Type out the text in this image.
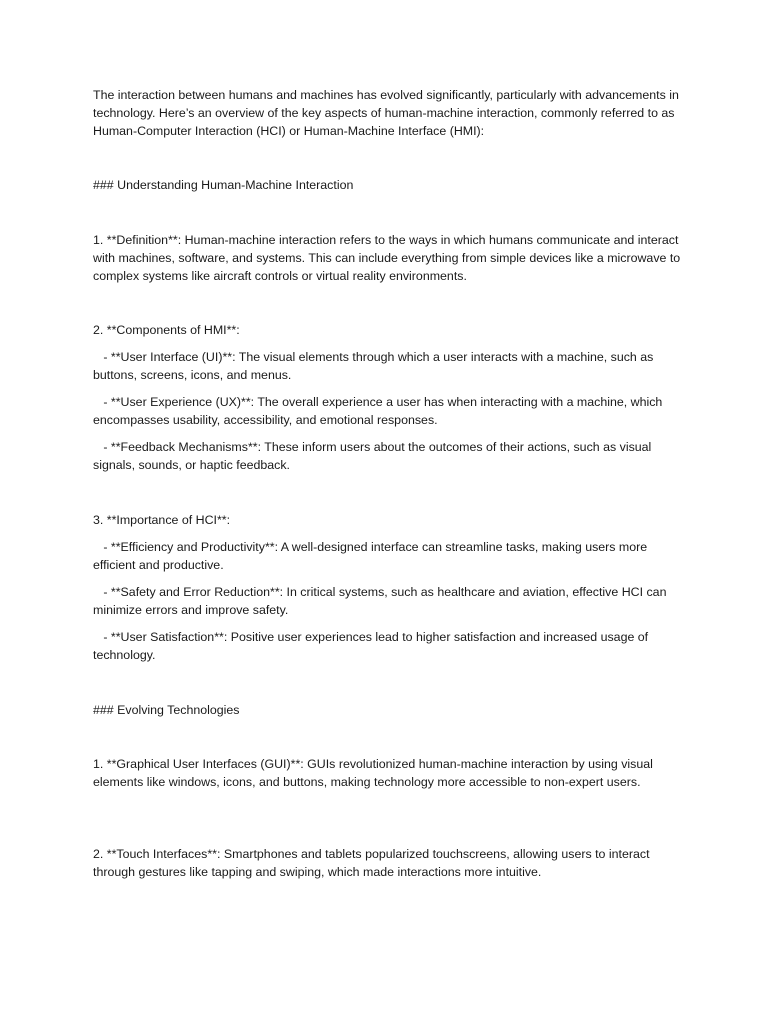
The interaction between humans and machines has evolved significantly, particularly with advancements in technology. Here’s an overview of the key aspects of human-machine interaction, commonly referred to as Human-Computer Interaction (HCI) or Human-Machine Interface (HMI):

### Understanding Human-Machine Interaction

1. **Definition**: Human-machine interaction refers to the ways in which humans communicate and interact with machines, software, and systems. This can include everything from simple devices like a microwave to complex systems like aircraft controls or virtual reality environments.

2. **Components of HMI**:

- **User Interface (UI)**: The visual elements through which a user interacts with a machine, such as buttons, screens, icons, and menus.

- **User Experience (UX)**: The overall experience a user has when interacting with a machine, which encompasses usability, accessibility, and emotional responses.

- **Feedback Mechanisms**: These inform users about the outcomes of their actions, such as visual signals, sounds, or haptic feedback.

3. **Importance of HCI**:

- **Efficiency and Productivity**: A well-designed interface can streamline tasks, making users more efficient and productive.

- **Safety and Error Reduction**: In critical systems, such as healthcare and aviation, effective HCI can minimize errors and improve safety.

- **User Satisfaction**: Positive user experiences lead to higher satisfaction and increased usage of technology.

### Evolving Technologies

1. **Graphical User Interfaces (GUI)**: GUIs revolutionized human-machine interaction by using visual elements like windows, icons, and buttons, making technology more accessible to non-expert users.

2. **Touch Interfaces**: Smartphones and tablets popularized touchscreens, allowing users to interact through gestures like tapping and swiping, which made interactions more intuitive.
